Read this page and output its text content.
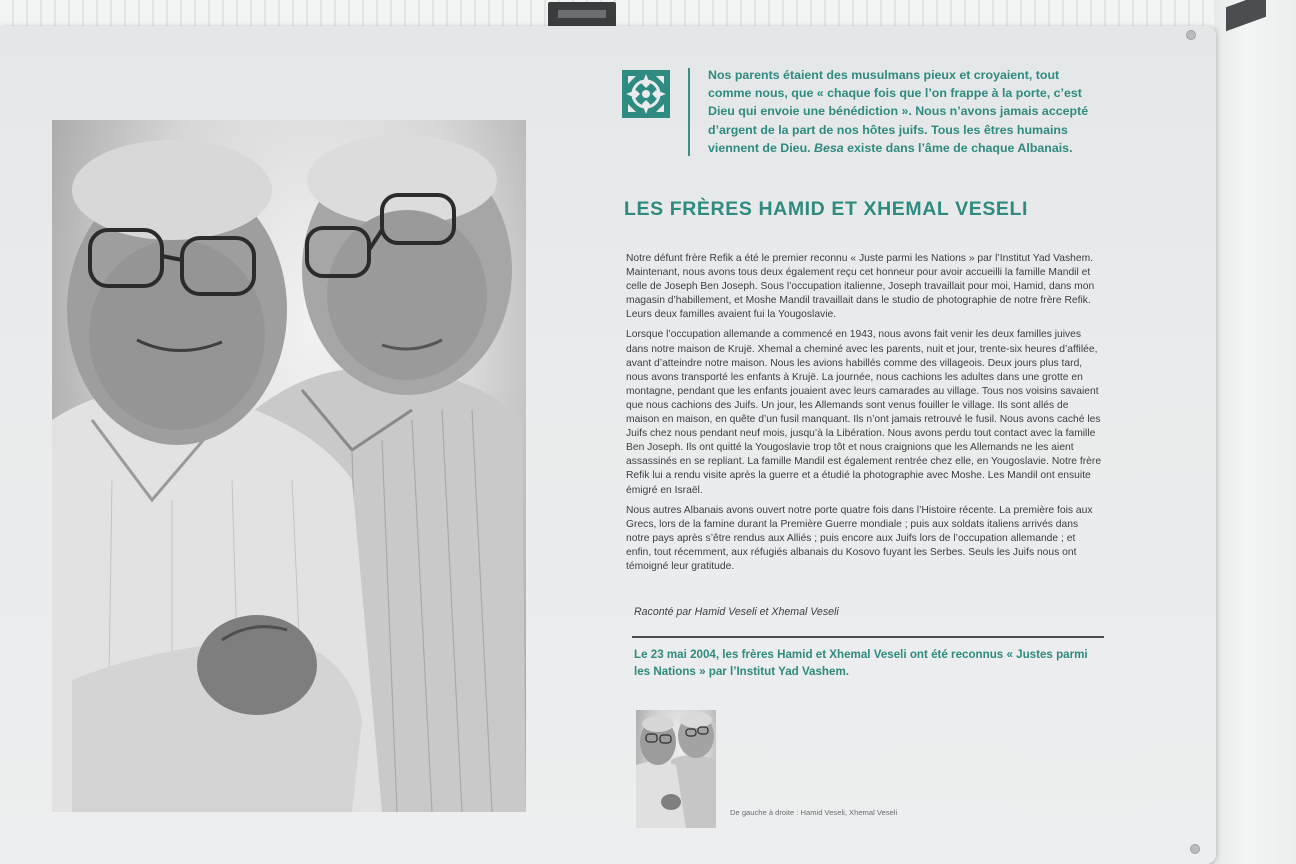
Nos parents étaient des musulmans pieux et croyaient, tout
comme nous, que « chaque fois que l’on frappe à la porte, c’est
Dieu qui envoie une bénédiction ». Nous n’avons jamais accepté
d’argent de la part de nos hôtes juifs. Tous les êtres humains
viennent de Dieu. Besa existe dans l’âme de chaque Albanais.
LES FRÈRES HAMID ET XHEMAL VESELI

Notre défunt frère Refik a été le premier reconnu « Juste parmi les Nations » par l’Institut Yad Vashem. Maintenant, nous avons tous deux également reçu cet honneur pour avoir accueilli la famille Mandil et celle de Joseph Ben Joseph. Sous l’occupation italienne, Joseph travaillait pour moi, Hamid, dans mon magasin d’habillement, et Moshe Mandil travaillait dans le studio de photographie de notre frère Refik. Leurs deux familles avaient fui la Yougoslavie.

Lorsque l’occupation allemande a commencé en 1943, nous avons fait venir les deux familles juives dans notre maison de Krujë. Xhemal a cheminé avec les parents, nuit et jour, trente-six heures d’affilée, avant d’atteindre notre maison. Nous les avions habillés comme des villageois. Deux jours plus tard, nous avons transporté les enfants à Krujë. La journée, nous cachions les adultes dans une grotte en montagne, pendant que les enfants jouaient avec leurs camarades au village. Tous nos voisins savaient que nous cachions des Juifs. Un jour, les Allemands sont venus fouiller le village. Ils sont allés de maison en maison, en quête d’un fusil manquant. Ils n’ont jamais retrouvé le fusil. Nous avons caché les Juifs chez nous pendant neuf mois, jusqu’à la Libération. Nous avons perdu tout contact avec la famille Ben Joseph. Ils ont quitté la Yougoslavie trop tôt et nous craignions que les Allemands ne les aient assassinés en se repliant. La famille Mandil est également rentrée chez elle, en Yougoslavie. Notre frère Refik lui a rendu visite après la guerre et a étudié la photographie avec Moshe. Les Mandil ont ensuite émigré en Israël.

Nous autres Albanais avons ouvert notre porte quatre fois dans l’Histoire récente. La première fois aux Grecs, lors de la famine durant la Première Guerre mondiale ; puis aux soldats italiens arrivés dans notre pays après s’être rendus aux Alliés ; puis encore aux Juifs lors de l’occupation allemande ; et enfin, tout récemment, aux réfugiés albanais du Kosovo fuyant les Serbes. Seuls les Juifs nous ont témoigné leur gratitude.

Raconté par Hamid Veseli et Xhemal Veseli
Le 23 mai 2004, les frères Hamid et Xhemal Veseli ont été reconnus « Justes parmi les Nations » par l’Institut Yad Vashem.
De gauche à droite : Hamid Veseli, Xhemal Veseli
